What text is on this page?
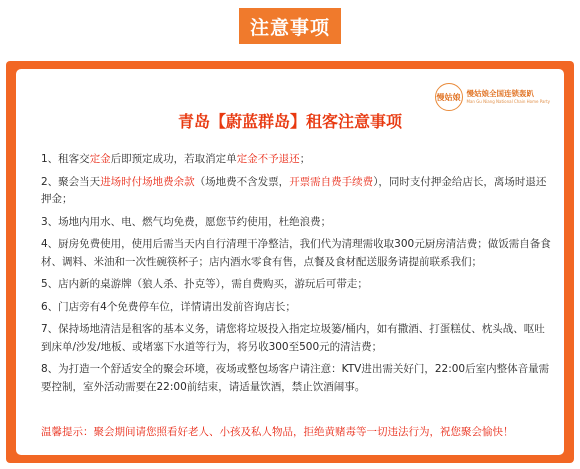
注意事项
慢姑娘 慢姑娘全国连锁轰趴
Man Gu Niang National Chain Home Party
青岛【蔚蓝群岛】租客注意事项

1、租客交定金后即预定成功，若取消定单定金不予退还；

2、聚会当天进场时付场地费余款（场地费不含发票，开票需自费手续费），同时支付押金给店长，离场时退还押金；

3、场地内用水、电、燃气均免费，愿您节约使用，杜绝浪费；

4、厨房免费使用，使用后需当天内自行清理干净整洁，我们代为清理需收取300元厨房清洁费；做饭需自备食材、调料、米油和一次性碗筷杯子；店内酒水零食有售，点餐及食材配送服务请提前联系我们；

5、店内新的桌游牌（狼人杀、扑克等），需自费购买，游玩后可带走；

6、门店旁有4个免费停车位，详情请出发前咨询店长；

7、保持场地清洁是租客的基本义务，请您将垃圾投入指定垃圾篓/桶内，如有撒酒、打蛋糕仗、枕头战、呕吐到床单/沙发/地板、或堵塞下水道等行为，将另收300至500元的清洁费；

8、为打造一个舒适安全的聚会环境，夜场或整包场客户请注意：KTV进出需关好门，22:00后室内整体音量需要控制，室外活动需要在22:00前结束，请适量饮酒，禁止饮酒闹事。

温馨提示：聚会期间请您照看好老人、小孩及私人物品，拒绝黄赌毒等一切违法行为，祝您聚会愉快！
